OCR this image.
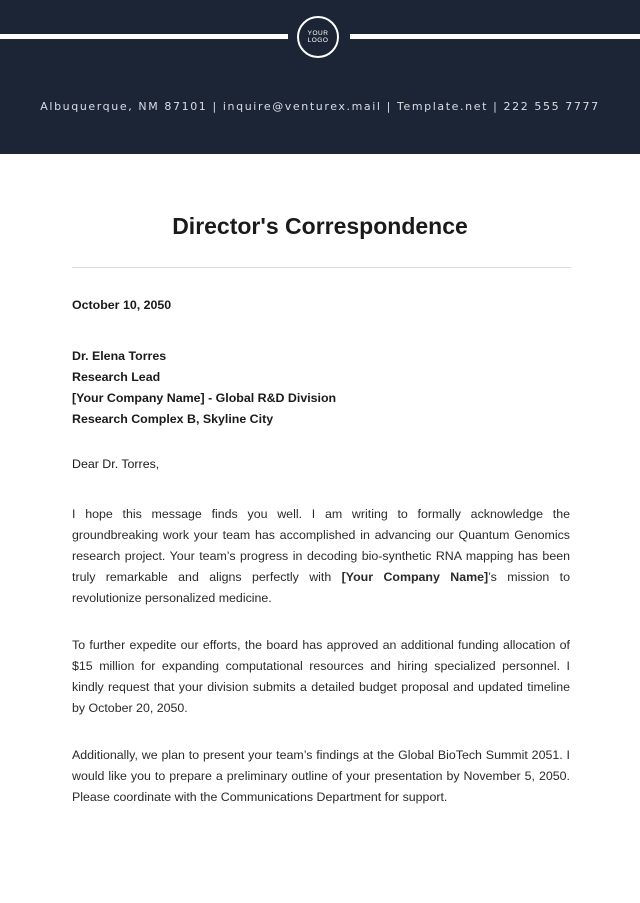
YOUR
LOGO
Albuquerque, NM 87101 | inquire@venturex.mail | Template.net | 222 555 7777
Director's Correspondence
October 10, 2050
Dr. Elena Torres
Research Lead
[Your Company Name] - Global R&D Division
Research Complex B, Skyline City
Dear Dr. Torres,
I hope this message finds you well. I am writing to formally acknowledge the groundbreaking work your team has accomplished in advancing our Quantum Genomics research project. Your team’s progress in decoding bio-synthetic RNA mapping has been truly remarkable and aligns perfectly with [Your Company Name]’s mission to revolutionize personalized medicine.
To further expedite our efforts, the board has approved an additional funding allocation of $15 million for expanding computational resources and hiring specialized personnel. I kindly request that your division submits a detailed budget proposal and updated timeline by October 20, 2050.
Additionally, we plan to present your team’s findings at the Global BioTech Summit 2051. I would like you to prepare a preliminary outline of your presentation by November 5, 2050. Please coordinate with the Communications Department for support.
